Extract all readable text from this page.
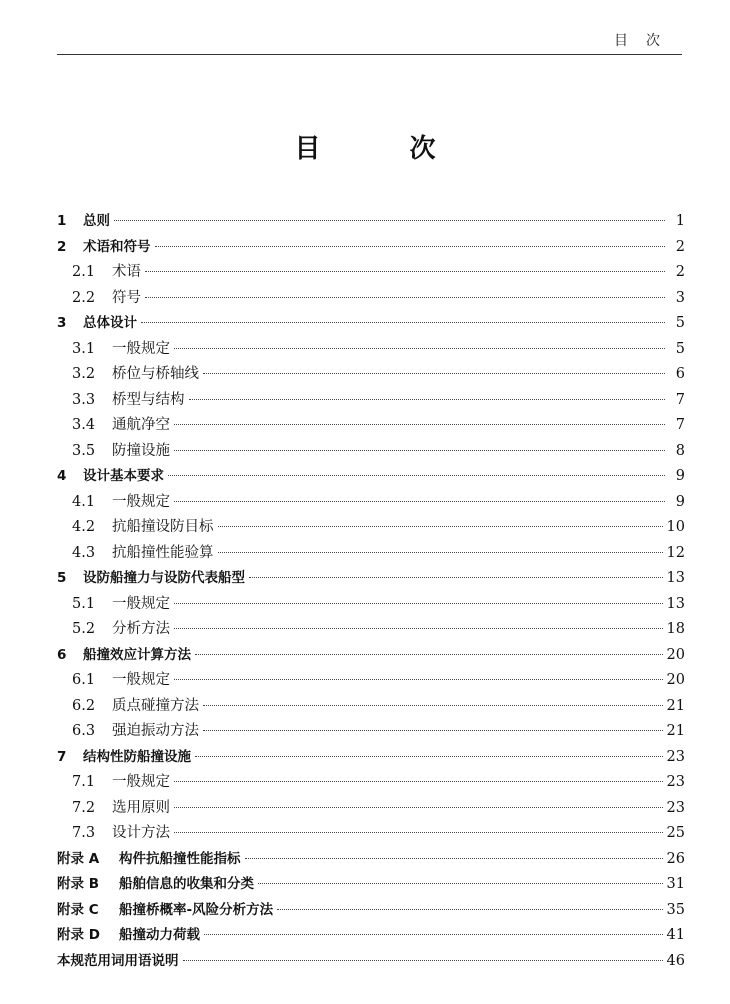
目次
目 次
1	总则	1
2	术语和符号	2
2.1	术语	2
2.2	符号	3
3	总体设计	5
3.1	一般规定	5
3.2	桥位与桥轴线	6
3.3	桥型与结构	7
3.4	通航净空	7
3.5	防撞设施	8
4	设计基本要求	9
4.1	一般规定	9
4.2	抗船撞设防目标	10
4.3	抗船撞性能验算	12
5	设防船撞力与设防代表船型	13
5.1	一般规定	13
5.2	分析方法	18
6	船撞效应计算方法	20
6.1	一般规定	20
6.2	质点碰撞方法	21
6.3	强迫振动方法	21
7	结构性防船撞设施	23
7.1	一般规定	23
7.2	选用原则	23
7.3	设计方法	25
附录 A	构件抗船撞性能指标	26
附录 B	船舶信息的收集和分类	31
附录 C	船撞桥概率-风险分析方法	35
附录 D	船撞动力荷载	41
本规范用词用语说明	46
